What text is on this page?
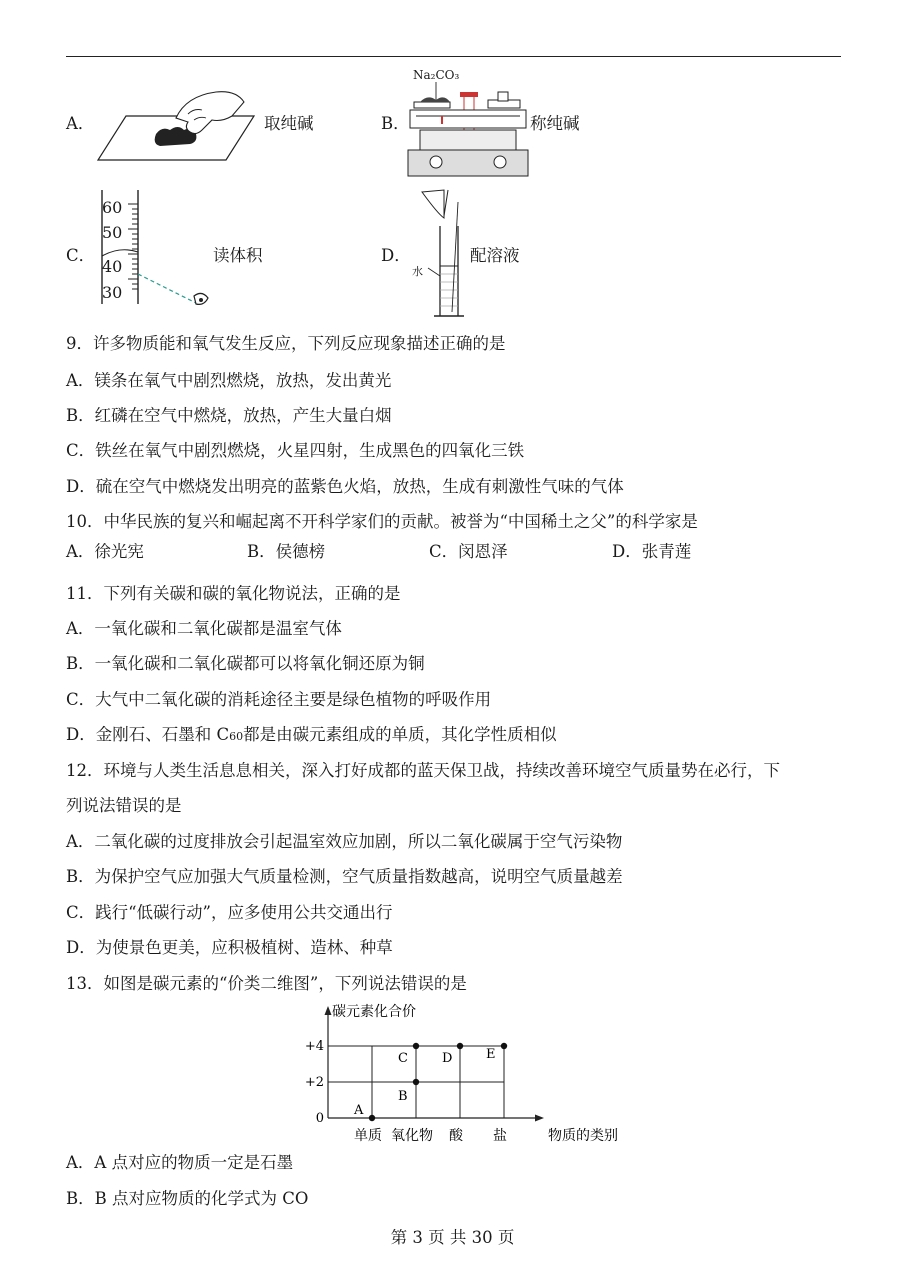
A．	取纯碱	B．
Na₂CO₃
称纯碱
C．
60
50
40
30
读体积	D．
水
配溶液
9．许多物质能和氧气发生反应，下列反应现象描述正确的是
A．镁条在氧气中剧烈燃烧，放热，发出黄光
B．红磷在空气中燃烧，放热，产生大量白烟
C．铁丝在氧气中剧烈燃烧，火星四射，生成黑色的四氧化三铁
D．硫在空气中燃烧发出明亮的蓝紫色火焰，放热，生成有刺激性气味的气体
10．中华民族的复兴和崛起离不开科学家们的贡献。被誉为“中国稀土之父”的科学家是
A．徐光宪	B．侯德榜	C．闵恩泽	D．张青莲
11．下列有关碳和碳的氧化物说法，正确的是
A．一氧化碳和二氧化碳都是温室气体
B．一氧化碳和二氧化碳都可以将氧化铜还原为铜
C．大气中二氧化碳的消耗途径主要是绿色植物的呼吸作用
D．金刚石、石墨和 C60都是由碳元素组成的单质，其化学性质相似
12．环境与人类生活息息相关，深入打好成都的蓝天保卫战，持续改善环境空气质量势在必行，下
列说法错误的是
A．二氧化碳的过度排放会引起温室效应加剧，所以二氧化碳属于空气污染物
B．为保护空气应加强大气质量检测，空气质量指数越高，说明空气质量越差
C．践行“低碳行动”，应多使用公共交通出行
D．为使景色更美，应积极植树、造林、种草
13．如图是碳元素的“价类二维图”，下列说法错误的是
+4
+2
0
碳元素化合价
物质的类别
单质 氧化物 酸 盐
A
B
C	D	E
A．A 点对应的物质一定是石墨
B．B 点对应物质的化学式为 CO
第 3 页 共 30 页
